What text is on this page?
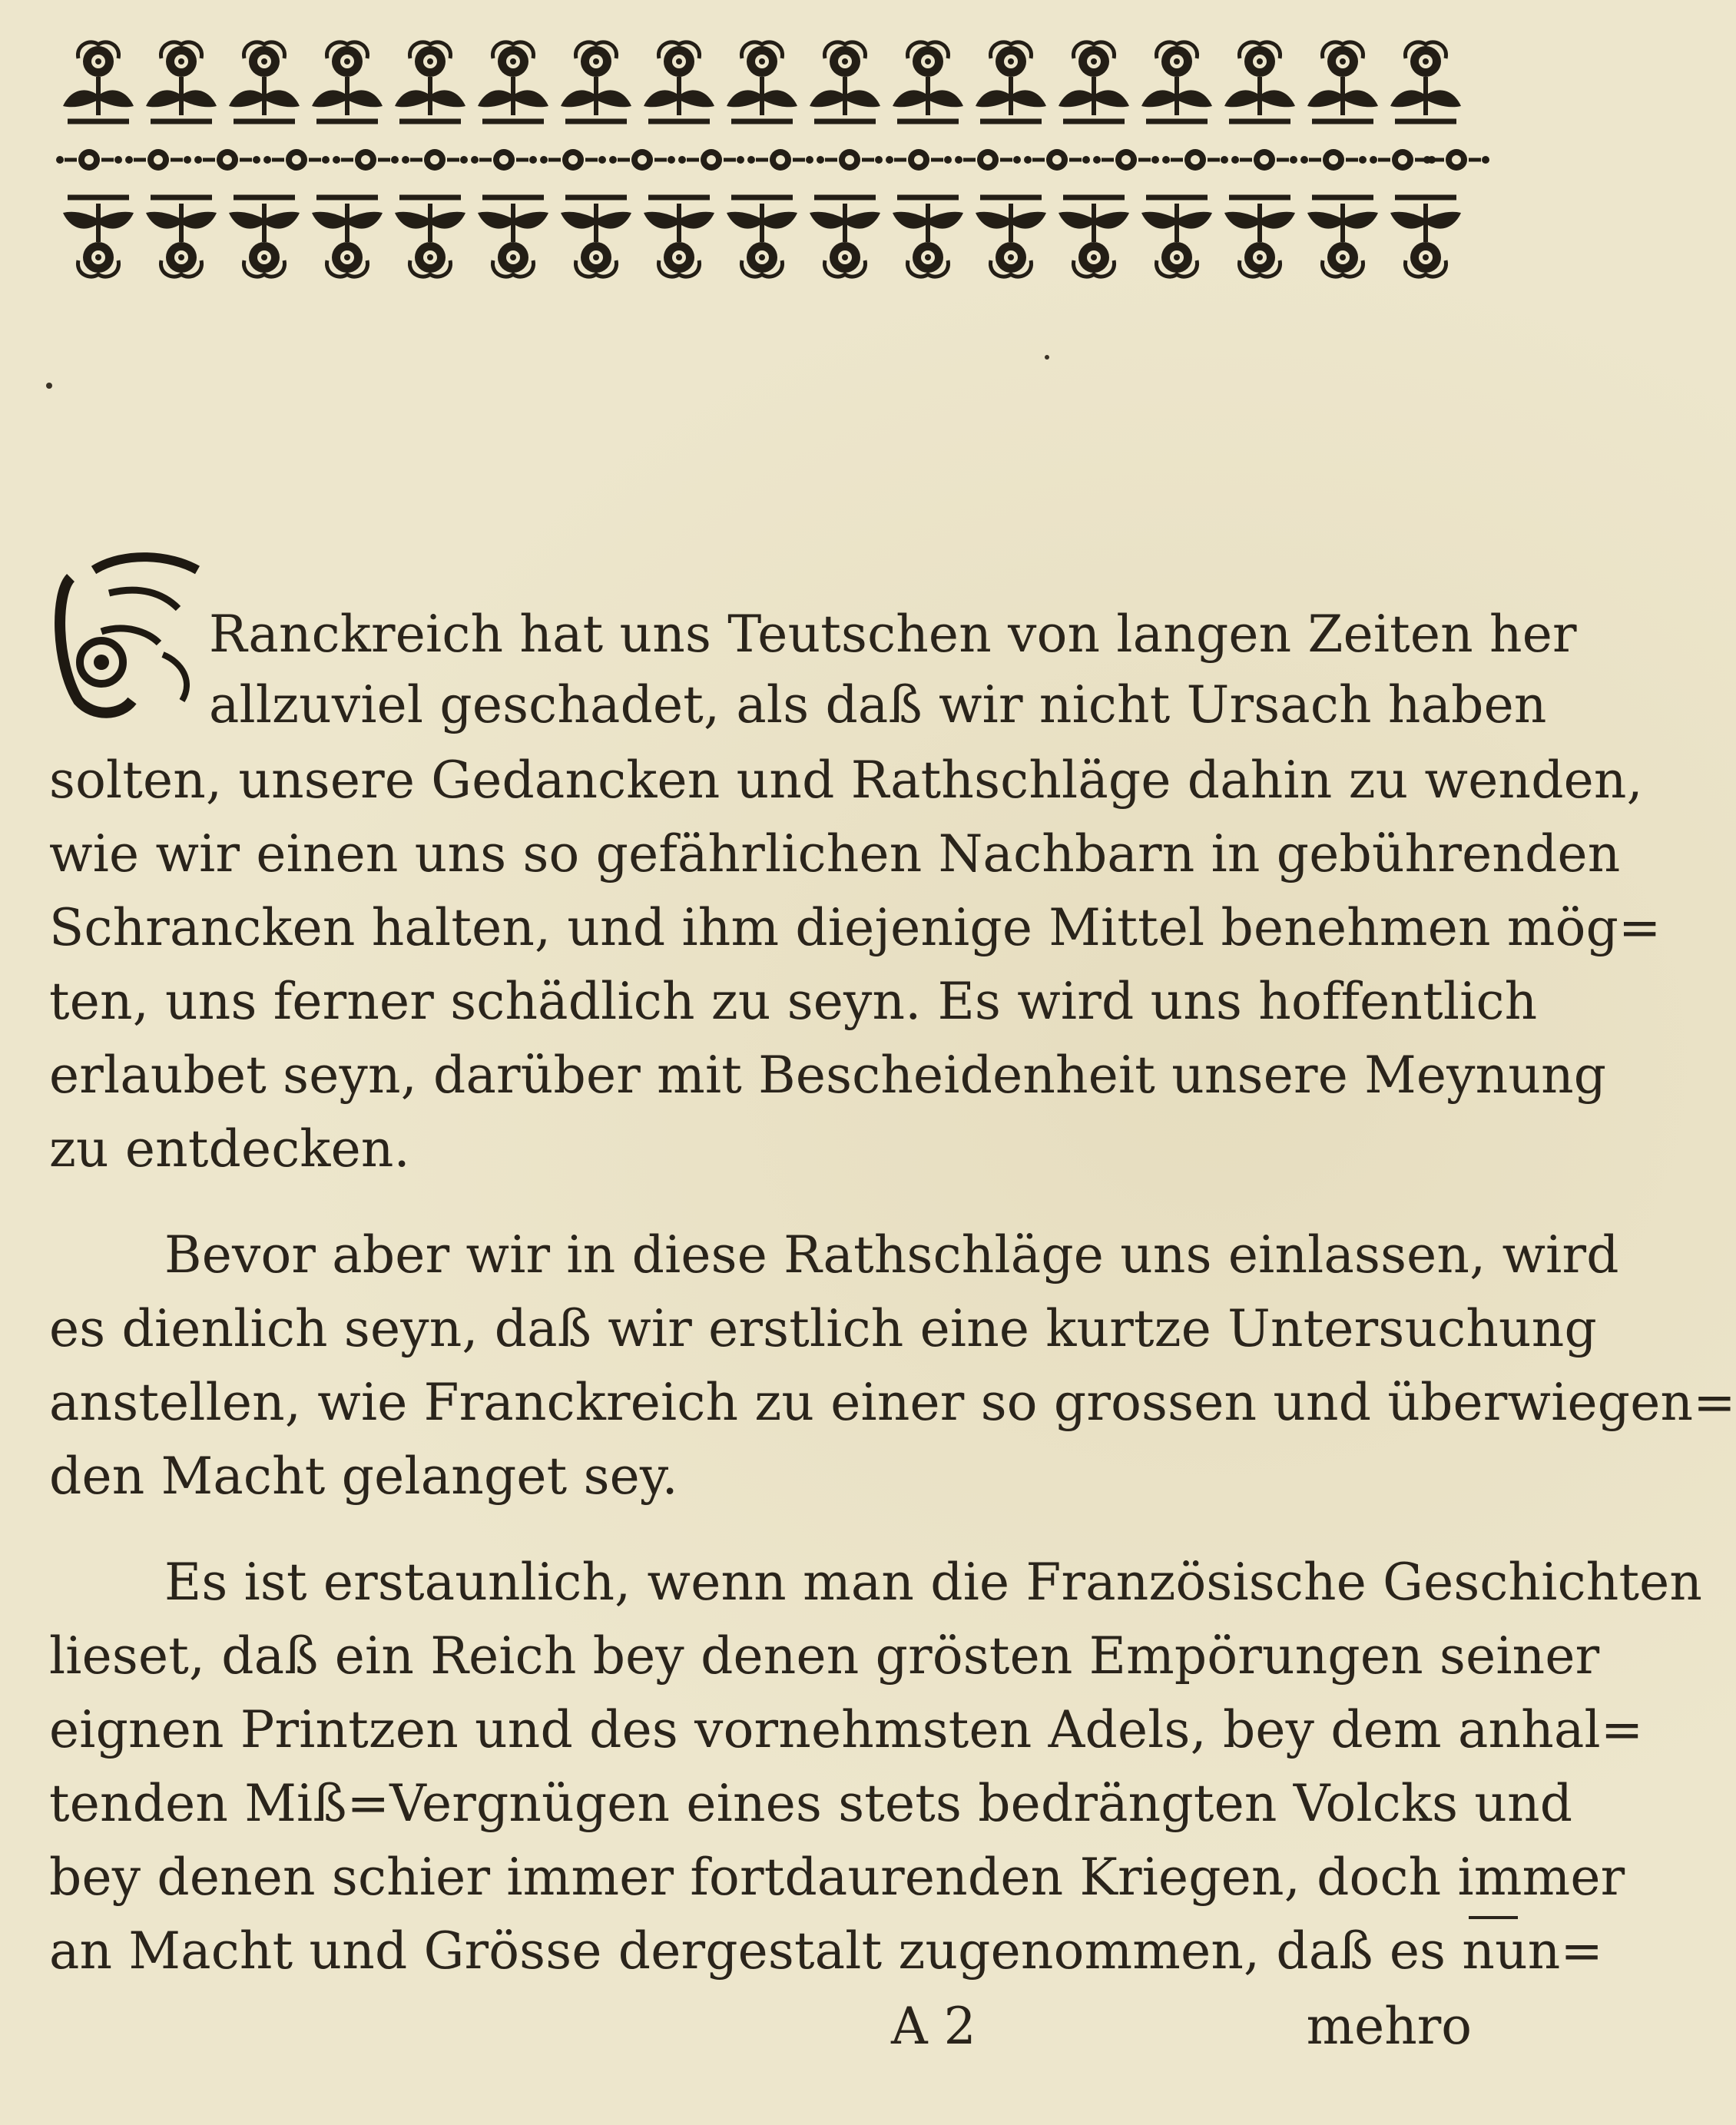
Ranckreich hat uns Teutschen von langen Zeiten her
allzuviel geschadet, als daß wir nicht Ursach haben
solten, unsere Gedancken und Rathschläge dahin zu wenden,
wie wir einen uns so gefährlichen Nachbarn in gebührenden
Schrancken halten, und ihm diejenige Mittel benehmen mög=
ten, uns ferner schädlich zu seyn. Es wird uns hoffentlich
erlaubet seyn, darüber mit Bescheidenheit unsere Meynung
zu entdecken.
Bevor aber wir in diese Rathschläge uns einlassen, wird
es dienlich seyn, daß wir erstlich eine kurtze Untersuchung
anstellen, wie Franckreich zu einer so grossen und überwiegen=
den Macht gelanget sey.
Es ist erstaunlich, wenn man die Französische Geschichten
lieset, daß ein Reich bey denen grösten Empörungen seiner
eignen Printzen und des vornehmsten Adels, bey dem anhal=
tenden Miß=Vergnügen eines stets bedrängten Volcks und
bey denen schier immer fortdaurenden Kriegen, doch immer
an Macht und Grösse dergestalt zugenommen, daß es nun=
A 2	mehro
